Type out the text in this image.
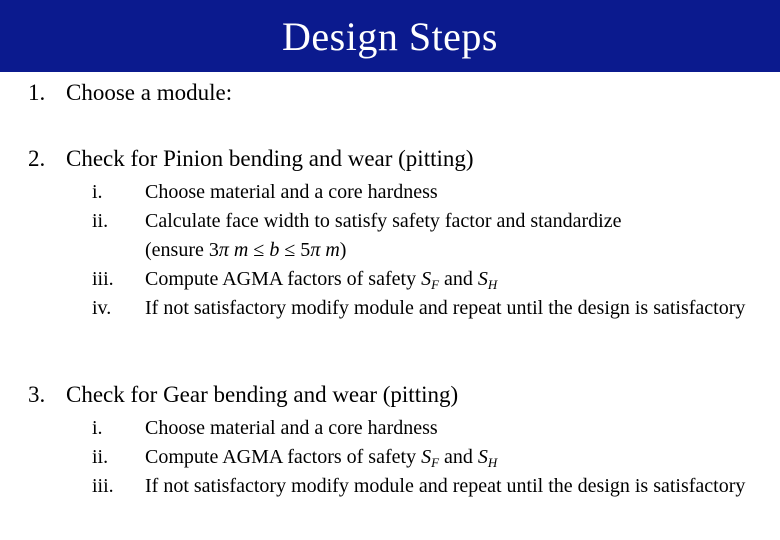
Design Steps
1. Choose a module:
2. Check for Pinion bending and wear (pitting)
i.	Choose material and a core hardness
ii.	Calculate face width to satisfy safety factor and standardize
(ensure 3π m ≤ b ≤ 5π m)
iii.	Compute AGMA factors of safety $S_F$ and $S_H$
iv.	If not satisfactory modify module and repeat until the design is satisfactory
3. Check for Gear bending and wear (pitting)
i.	Choose material and a core hardness
ii.	Compute AGMA factors of safety $S_F$ and $S_H$
iii.	If not satisfactory modify module and repeat until the design is satisfactory
